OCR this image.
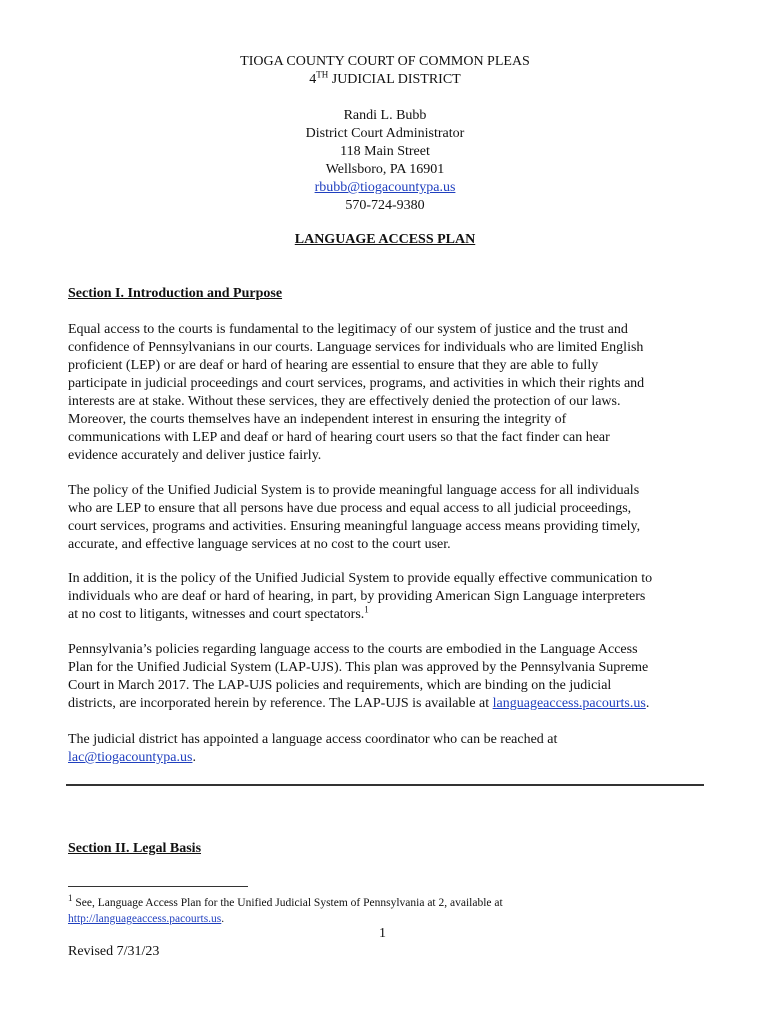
TIOGA COUNTY COURT OF COMMON PLEAS
4TH JUDICIAL DISTRICT
Randi L. Bubb
District Court Administrator
118 Main Street
Wellsboro, PA 16901
rbubb@tiogacountypa.us
570-724-9380
LANGUAGE ACCESS PLAN
Section I. Introduction and Purpose
Equal access to the courts is fundamental to the legitimacy of our system of justice and the trust and
confidence of Pennsylvanians in our courts. Language services for individuals who are limited English
proficient (LEP) or are deaf or hard of hearing are essential to ensure that they are able to fully
participate in judicial proceedings and court services, programs, and activities in which their rights and
interests are at stake. Without these services, they are effectively denied the protection of our laws.
Moreover, the courts themselves have an independent interest in ensuring the integrity of
communications with LEP and deaf or hard of hearing court users so that the fact finder can hear
evidence accurately and deliver justice fairly.
The policy of the Unified Judicial System is to provide meaningful language access for all individuals
who are LEP to ensure that all persons have due process and equal access to all judicial proceedings,
court services, programs and activities. Ensuring meaningful language access means providing timely,
accurate, and effective language services at no cost to the court user.
In addition, it is the policy of the Unified Judicial System to provide equally effective communication to
individuals who are deaf or hard of hearing, in part, by providing American Sign Language interpreters
at no cost to litigants, witnesses and court spectators.$^1$
Pennsylvania’s policies regarding language access to the courts are embodied in the Language Access
Plan for the Unified Judicial System (LAP-UJS). This plan was approved by the Pennsylvania Supreme
Court in March 2017. The LAP-UJS policies and requirements, which are binding on the judicial
districts, are incorporated herein by reference. The LAP-UJS is available at languageaccess.pacourts.us.
The judicial district has appointed a language access coordinator who can be reached at
lac@tiogacountypa.us.
Section II. Legal Basis
$^1$ See, Language Access Plan for the Unified Judicial System of Pennsylvania at 2, available at
http://languageaccess.pacourts.us.
1
Revised 7/31/23
